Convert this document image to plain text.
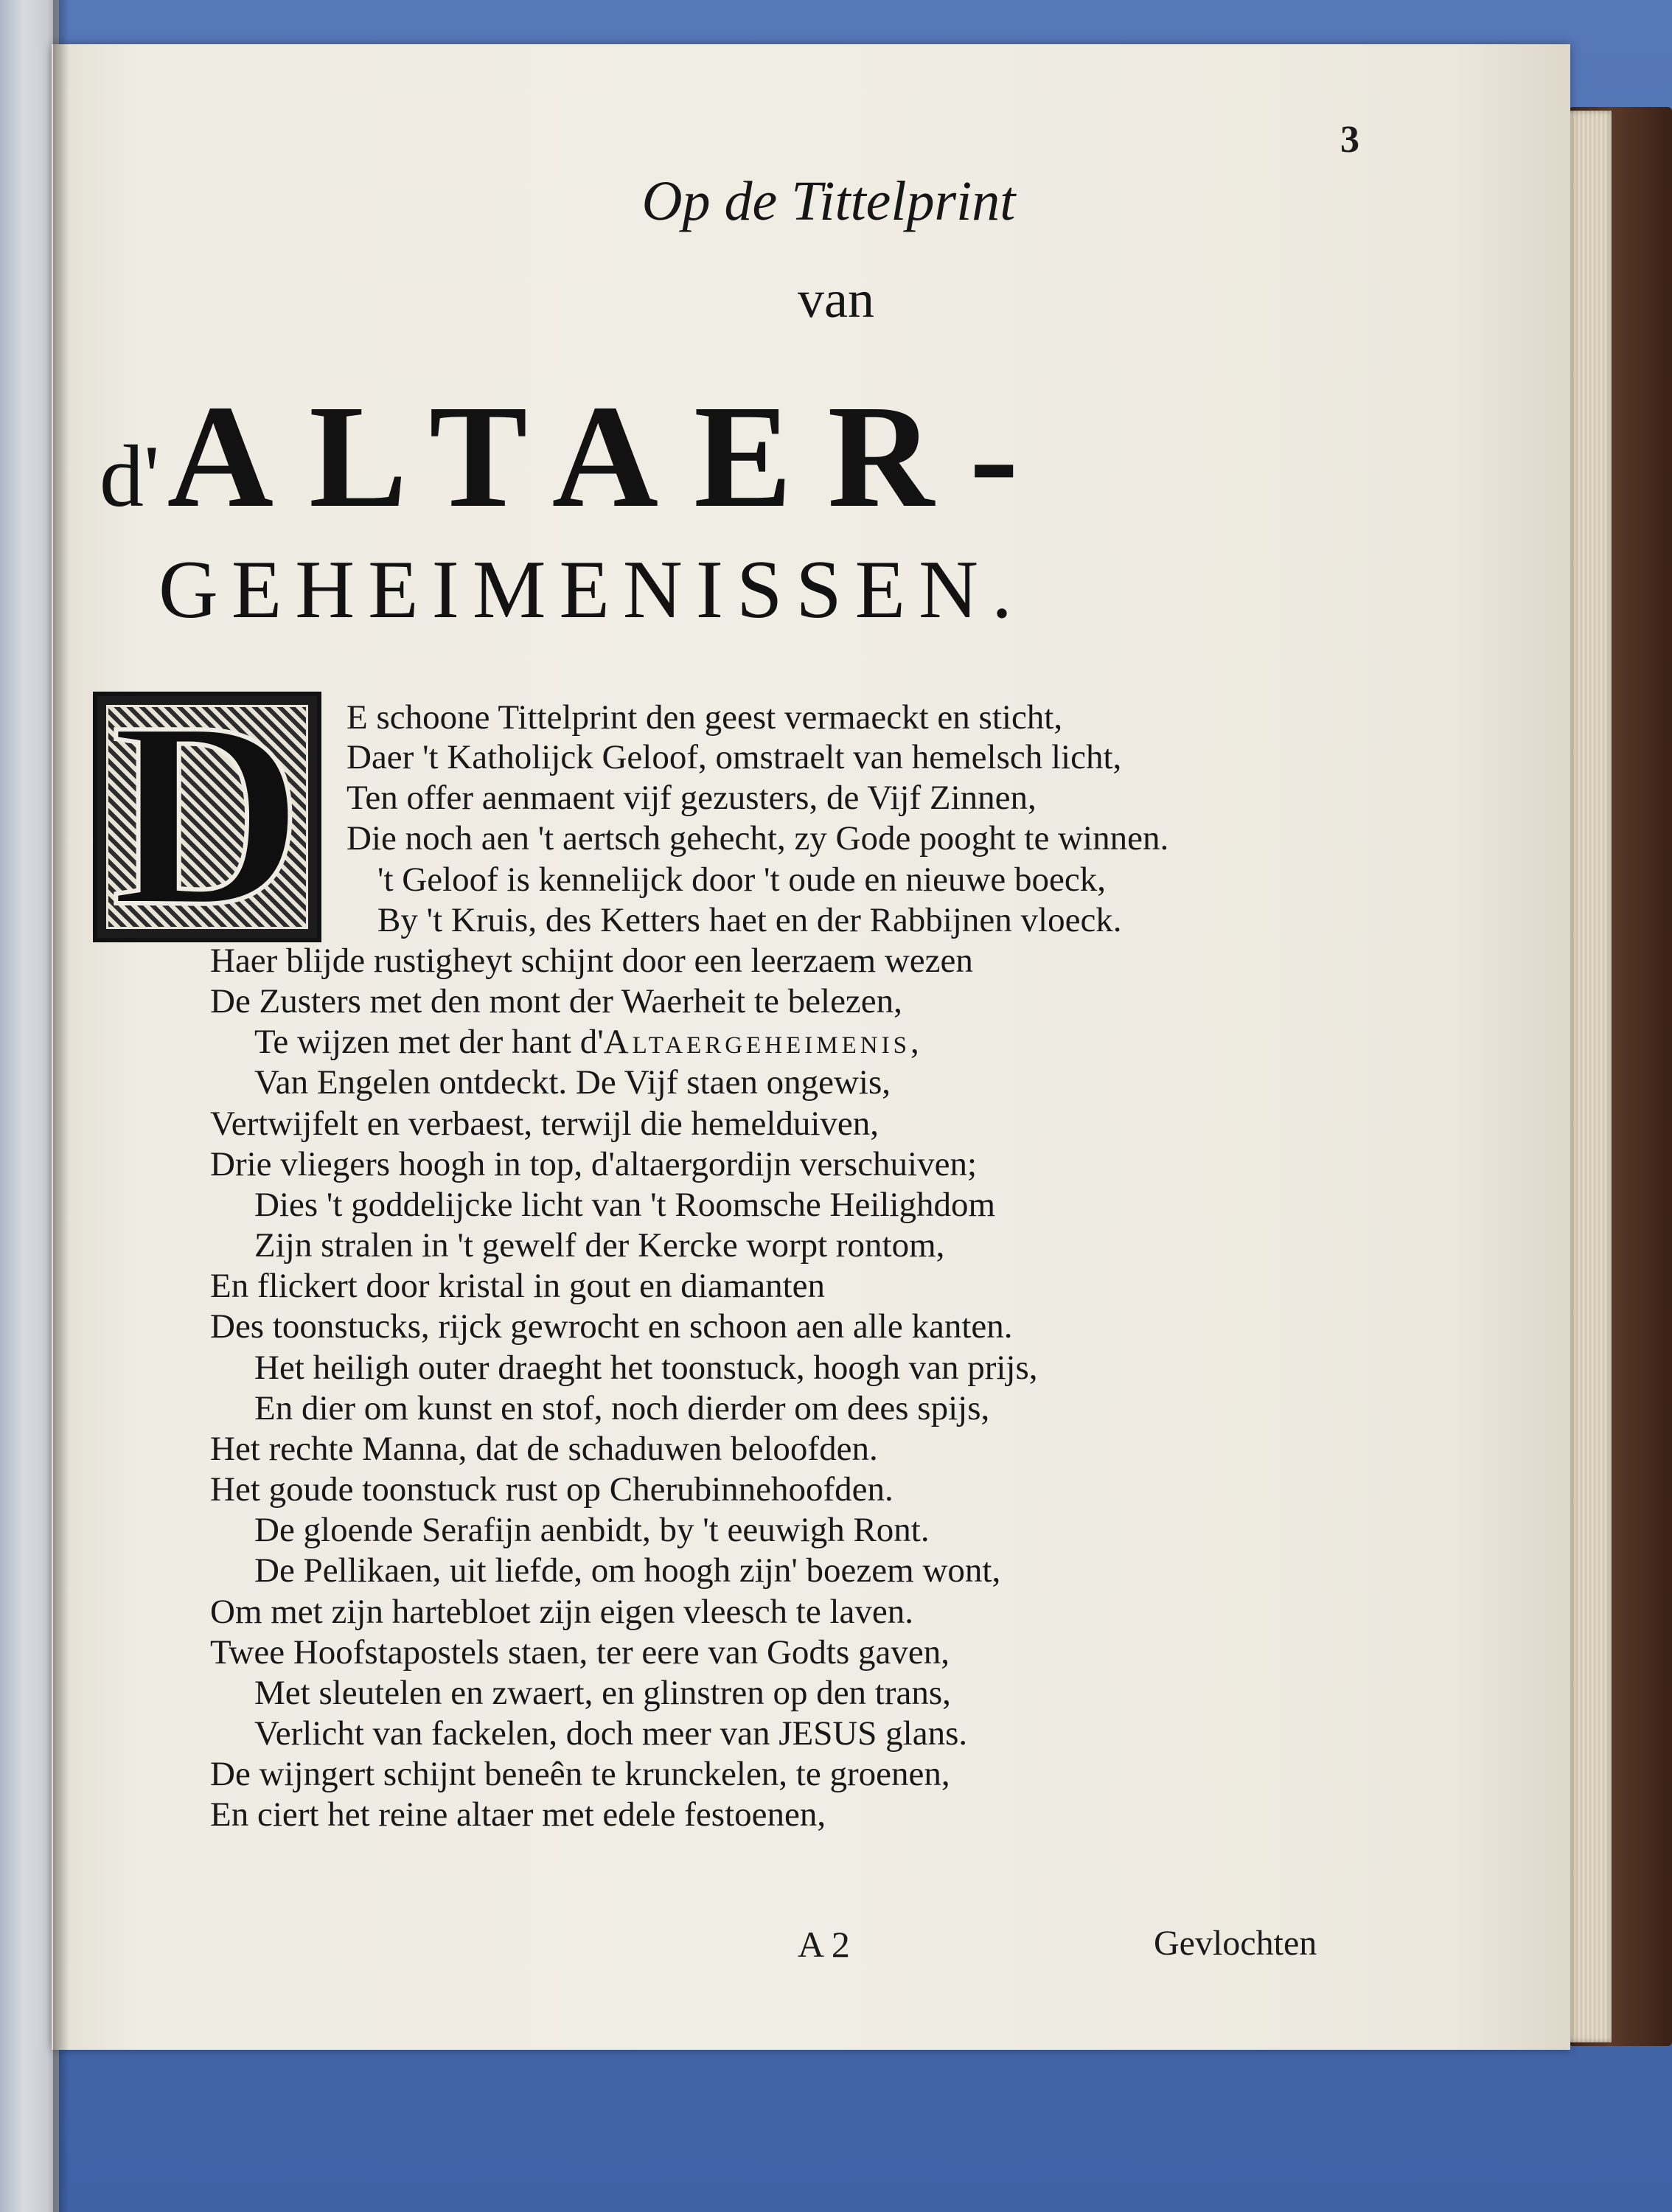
3
Op de Tittelprint
van
d'ALTAER-
GEHEIMENISSEN.
D	E schoone Tittelprint den geest vermaeckt en sticht,
Daer 't Katholijck Geloof, omstraelt van hemelsch licht,
Ten offer aenmaent vijf gezusters, de Vijf Zinnen,
Die noch aen 't aertsch gehecht, zy Gode pooght te winnen.
't Geloof is kennelijck door 't oude en nieuwe boeck,
By 't Kruis, des Ketters haet en der Rabbijnen vloeck.
Haer blijde rustigheyt schijnt door een leerzaem wezen
De Zusters met den mont der Waerheit te belezen,
Te wijzen met der hant d'Altaergeheimenis,
Van Engelen ontdeckt. De Vijf staen ongewis,
Vertwijfelt en verbaest, terwijl die hemelduiven,
Drie vliegers hoogh in top, d'altaergordijn verschuiven;
Dies 't goddelijcke licht van 't Roomsche Heilighdom
Zijn stralen in 't gewelf der Kercke worpt rontom,
En flickert door kristal in gout en diamanten
Des toonstucks, rijck gewrocht en schoon aen alle kanten.
Het heiligh outer draeght het toonstuck, hoogh van prijs,
En dier om kunst en stof, noch dierder om dees spijs,
Het rechte Manna, dat de schaduwen beloofden.
Het goude toonstuck rust op Cherubinnehoofden.
De gloende Serafijn aenbidt, by 't eeuwigh Ront.
De Pellikaen, uit liefde, om hoogh zijn' boezem wont,
Om met zijn hartebloet zijn eigen vleesch te laven.
Twee Hoofstapostels staen, ter eere van Godts gaven,
Met sleutelen en zwaert, en glinstren op den trans,
Verlicht van fackelen, doch meer van JESUS glans.
De wijngert schijnt beneên te krunckelen, te groenen,
En ciert het reine altaer met edele festoenen,
A 2	Gevlochten
